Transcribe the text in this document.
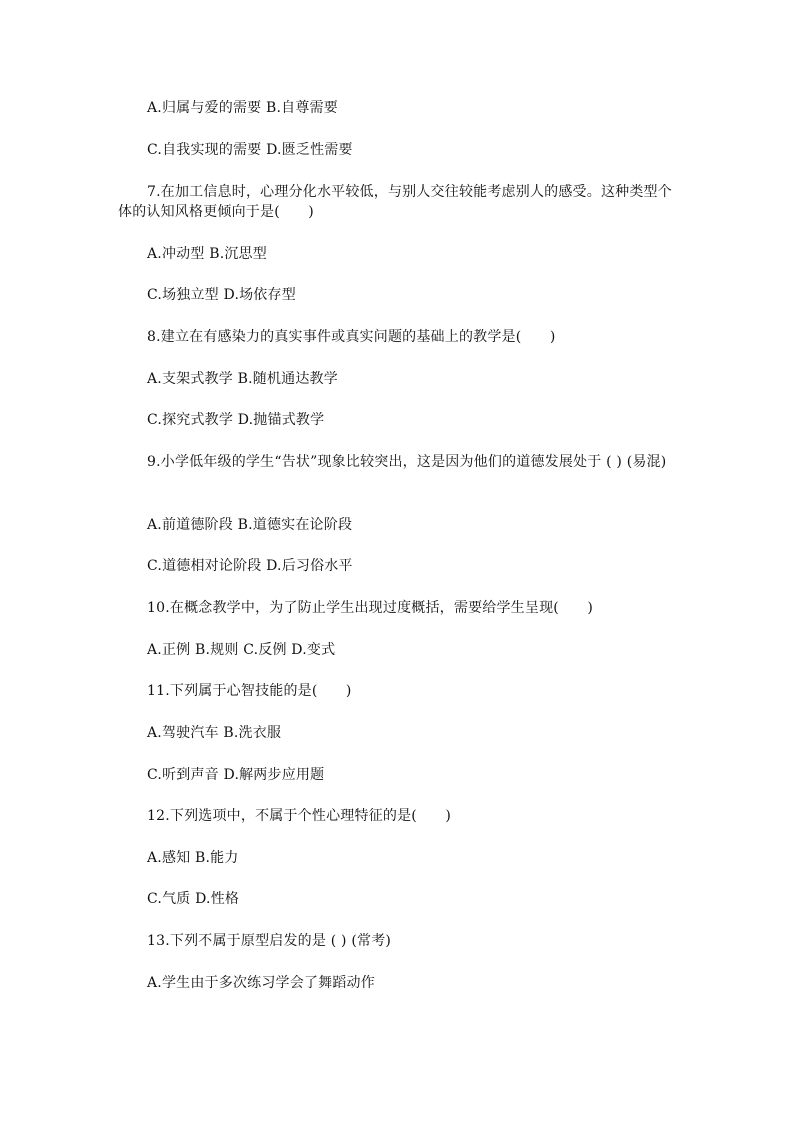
A.归属与爱的需要 B.自尊需要
C.自我实现的需要 D.匮乏性需要
7.在加工信息时，心理分化水平较低，与别人交往较能考虑别人的感受。这种类型个
体的认知风格更倾向于是(　　)
A.冲动型 B.沉思型
C.场独立型 D.场依存型
8.建立在有感染力的真实事件或真实问题的基础上的教学是(　　)
A.支架式教学 B.随机通达教学
C.探究式教学 D.抛锚式教学
9.小学低年级的学生“告状”现象比较突出，这是因为他们的道德发展处于 ( ) (易混)
A.前道德阶段 B.道德实在论阶段
C.道德相对论阶段 D.后习俗水平
10.在概念教学中，为了防止学生出现过度概括，需要给学生呈现(　　)
A.正例 B.规则 C.反例 D.变式
11.下列属于心智技能的是(　　)
A.驾驶汽车 B.洗衣服
C.听到声音 D.解两步应用题
12.下列选项中，不属于个性心理特征的是(　　)
A.感知 B.能力
C.气质 D.性格
13.下列不属于原型启发的是 ( ) (常考)
A.学生由于多次练习学会了舞蹈动作
